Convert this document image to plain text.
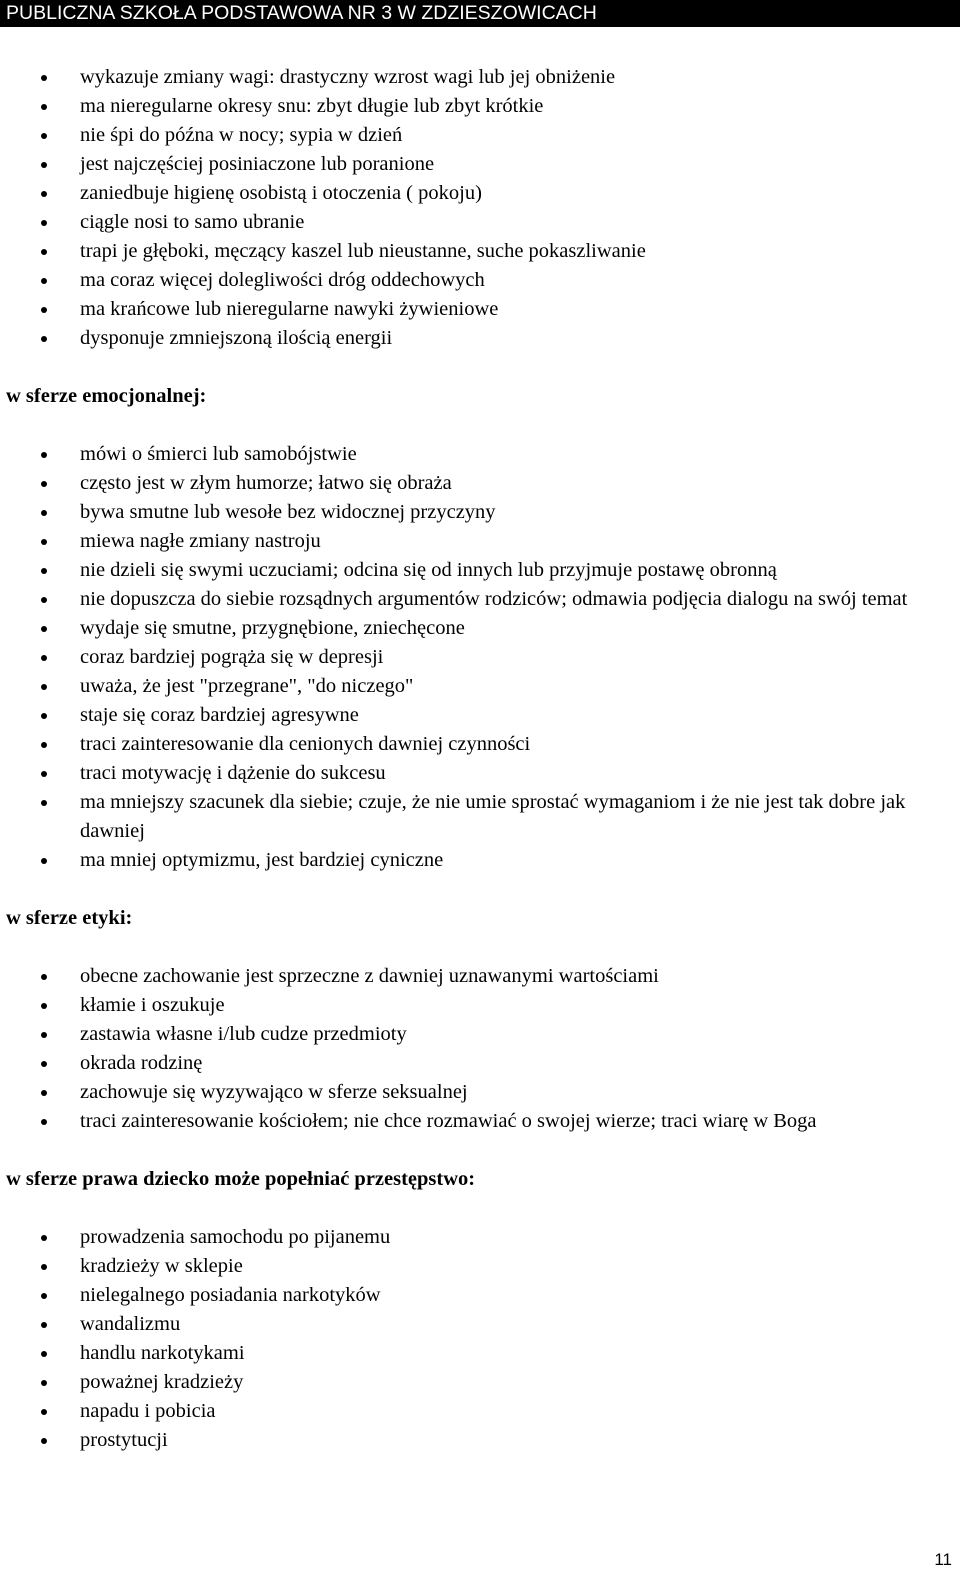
PUBLICZNA SZKOŁA PODSTAWOWA NR 3 W ZDZIESZOWICACH
wykazuje zmiany wagi: drastyczny wzrost wagi lub jej obniżenie
ma nieregularne okresy snu: zbyt długie lub zbyt krótkie
nie śpi do późna w nocy; sypia w dzień
jest najczęściej posiniaczone lub poranione
zaniedbuje higienę osobistą i otoczenia ( pokoju)
ciągle nosi to samo ubranie
trapi je głęboki, męczący kaszel lub nieustanne, suche pokaszliwanie
ma coraz więcej dolegliwości dróg oddechowych
ma krańcowe lub nieregularne nawyki żywieniowe
dysponuje zmniejszoną ilością energii
w sferze emocjonalnej:
mówi o śmierci lub samobójstwie
często jest w złym humorze; łatwo się obraża
bywa smutne lub wesołe bez widocznej przyczyny
miewa nagłe zmiany nastroju
nie dzieli się swymi uczuciami; odcina się od innych lub przyjmuje postawę obronną
nie dopuszcza do siebie rozsądnych argumentów rodziców; odmawia podjęcia dialogu na swój temat
wydaje się smutne, przygnębione, zniechęcone
coraz bardziej pogrąża się w depresji
uważa, że jest "przegrane", "do niczego"
staje się coraz bardziej agresywne
traci zainteresowanie dla cenionych dawniej czynności
traci motywację i dążenie do sukcesu
ma mniejszy szacunek dla siebie; czuje, że nie umie sprostać wymaganiom i że nie jest tak dobre jak dawniej
ma mniej optymizmu, jest bardziej cyniczne
w sferze etyki:
obecne zachowanie jest sprzeczne z dawniej uznawanymi wartościami
kłamie i oszukuje
zastawia własne i/lub cudze przedmioty
okrada rodzinę
zachowuje się wyzywająco w sferze seksualnej
traci zainteresowanie kościołem; nie chce rozmawiać o swojej wierze; traci wiarę w Boga
w sferze prawa dziecko może popełniać przestępstwo:
prowadzenia samochodu po pijanemu
kradzieży w sklepie
nielegalnego posiadania narkotyków
wandalizmu
handlu narkotykami
poważnej kradzieży
napadu i pobicia
prostytucji
11
